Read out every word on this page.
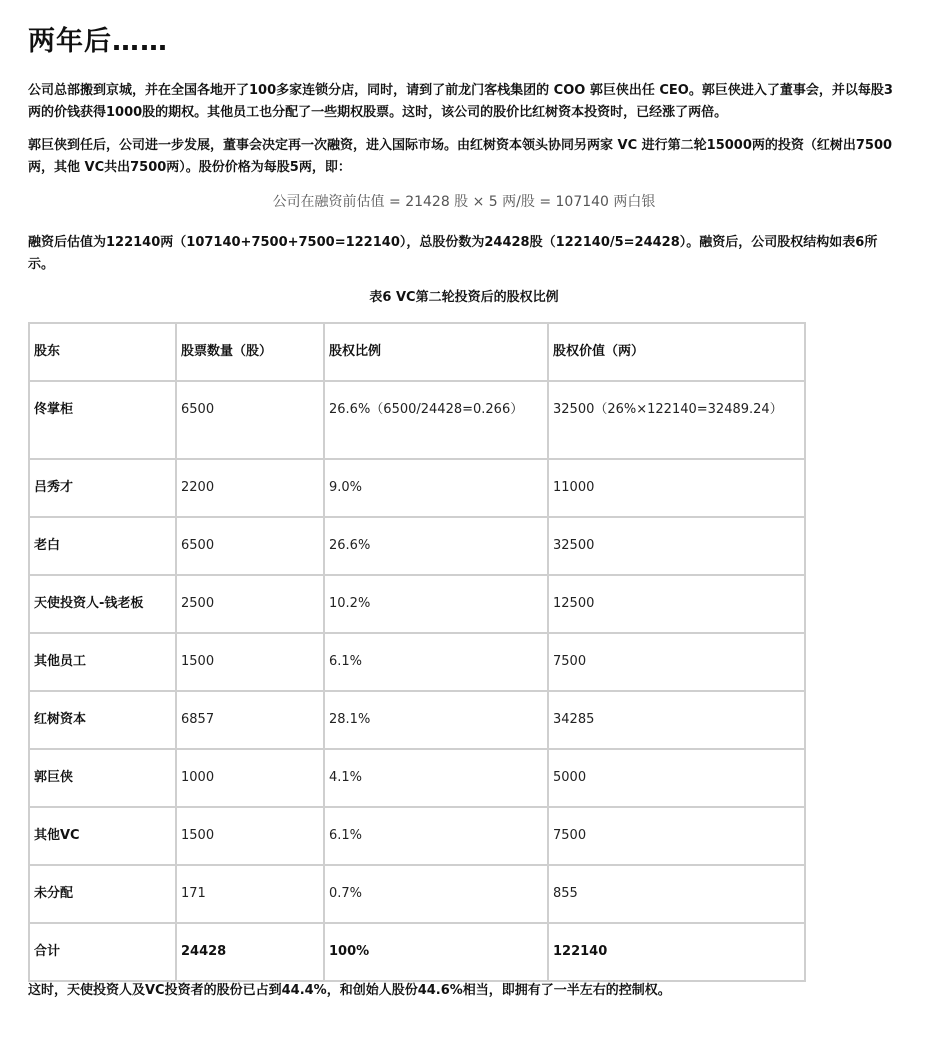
两年后……

公司总部搬到京城，并在全国各地开了100多家连锁分店，同时，请到了前龙门客栈集团的 COO 郭巨侠出任 CEO。郭巨侠进入了董事会，并以每股3两的价钱获得1000股的期权。其他员工也分配了一些期权股票。这时，该公司的股价比红树资本投资时，已经涨了两倍。

郭巨侠到任后，公司进一步发展，董事会决定再一次融资，进入国际市场。由红树资本领头协同另两家 VC 进行第二轮15000两的投资（红树出7500两，其他 VC共出7500两）。股份价格为每股5两，即：

公司在融资前估值 = 21428 股 × 5 两/股 = 107140 两白银

融资后估值为122140两（107140+7500+7500=122140），总股份数为24428股（122140/5=24428）。融资后，公司股权结构如表6所示。

表6 VC第二轮投资后的股权比例
股东	股票数量（股）	股权比例	股权价值（两）
佟掌柜	6500	26.6%（6500/24428=0.266）	32500（26%×122140=32489.24）
吕秀才	2200	9.0%	11000
老白	6500	26.6%	32500
天使投资人-钱老板	2500	10.2%	12500
其他员工	1500	6.1%	7500
红树资本	6857	28.1%	34285
郭巨侠	1000	4.1%	5000
其他VC	1500	6.1%	7500
未分配	171	0.7%	855
合计	24428	100%	122140

这时，天使投资人及VC投资者的股份已占到44.4%，和创始人股份44.6%相当，即拥有了一半左右的控制权。
